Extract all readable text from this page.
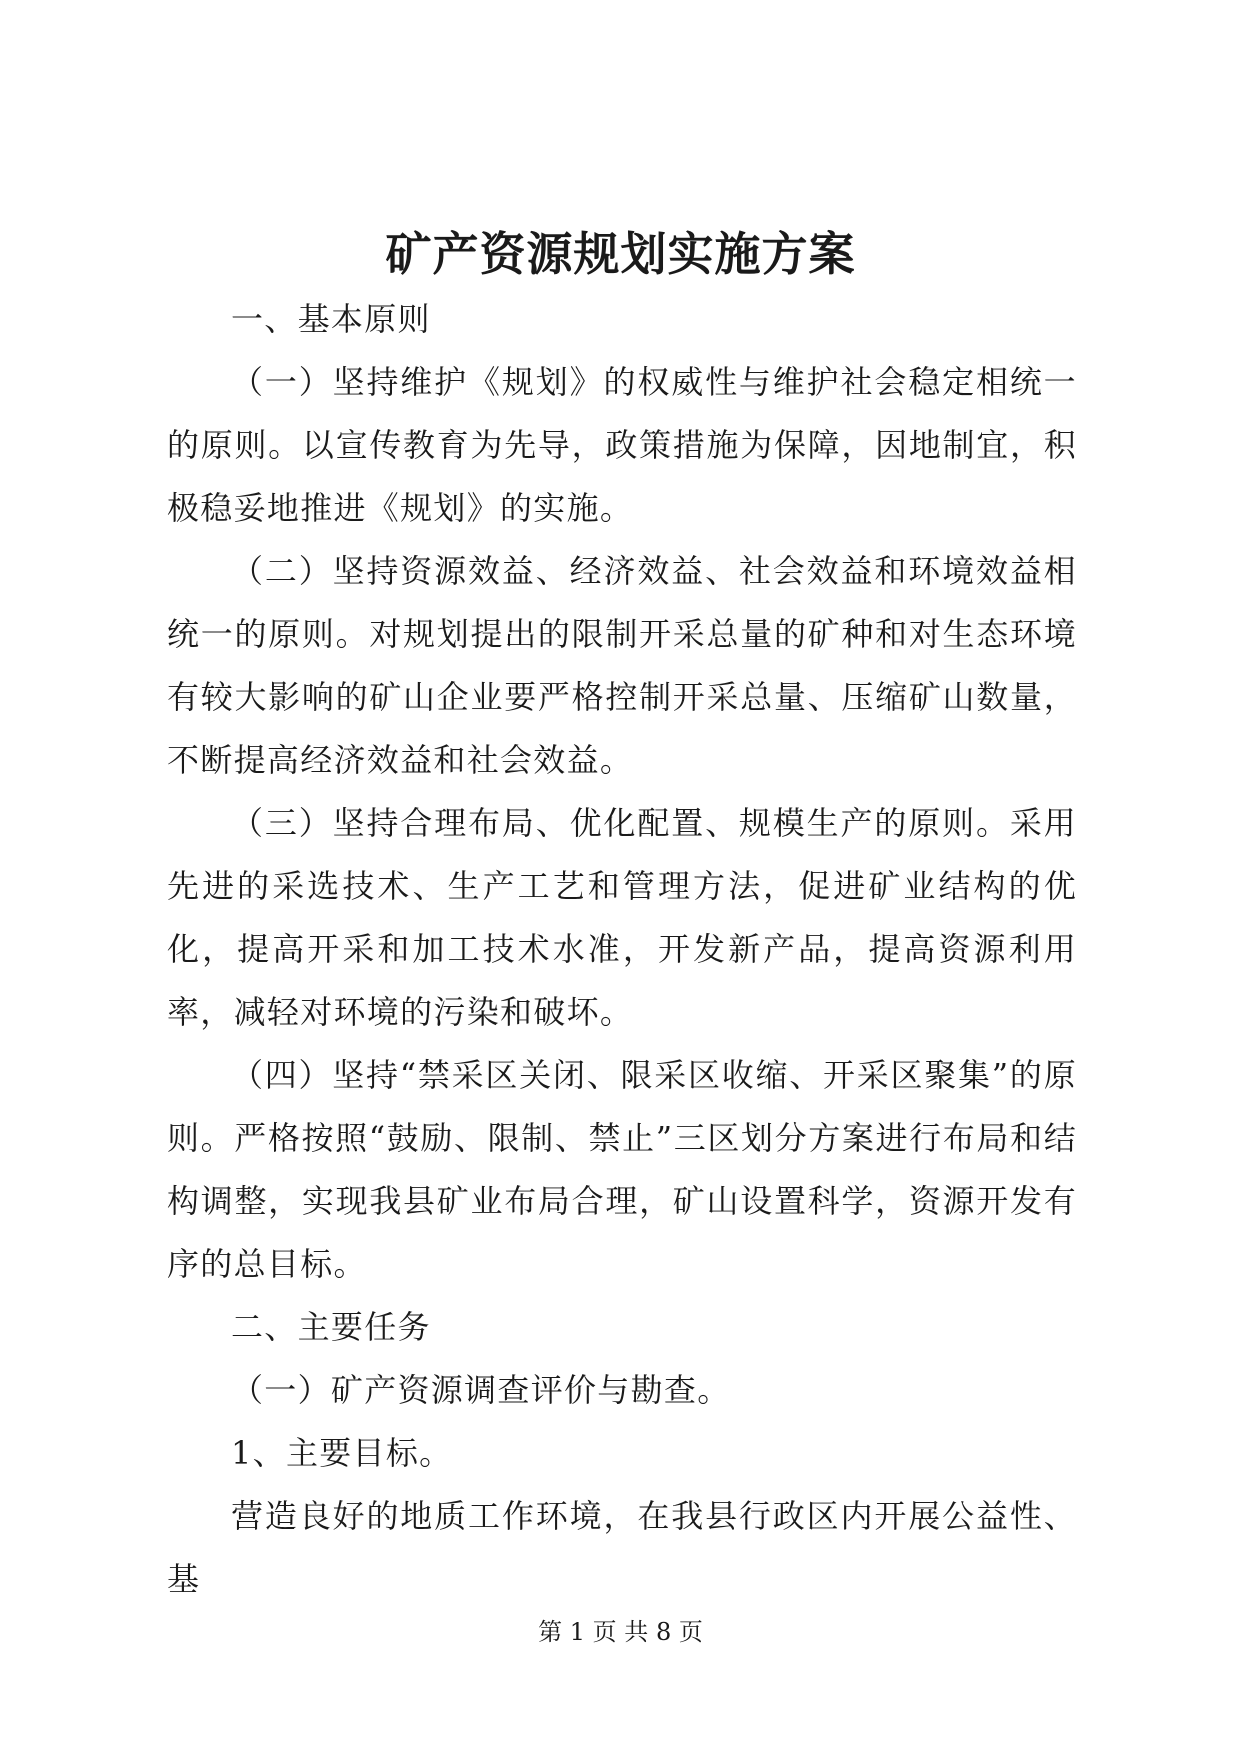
矿产资源规划实施方案

一、基本原则

（一）坚持维护《规划》的权威性与维护社会稳定相统一的原则。以宣传教育为先导，政策措施为保障，因地制宜，积极稳妥地推进《规划》的实施。

（二）坚持资源效益、经济效益、社会效益和环境效益相统一的原则。对规划提出的限制开采总量的矿种和对生态环境有较大影响的矿山企业要严格控制开采总量、压缩矿山数量，不断提高经济效益和社会效益。

（三）坚持合理布局、优化配置、规模生产的原则。采用先进的采选技术、生产工艺和管理方法，促进矿业结构的优化，提高开采和加工技术水准，开发新产品，提高资源利用率，减轻对环境的污染和破坏。

（四）坚持“禁采区关闭、限采区收缩、开采区聚集”的原则。严格按照“鼓励、限制、禁止”三区划分方案进行布局和结构调整，实现我县矿业布局合理，矿山设置科学，资源开发有序的总目标。

二、主要任务

（一）矿产资源调查评价与勘查。

1、主要目标。

营造良好的地质工作环境，在我县行政区内开展公益性、基

第 1 页 共 8 页
